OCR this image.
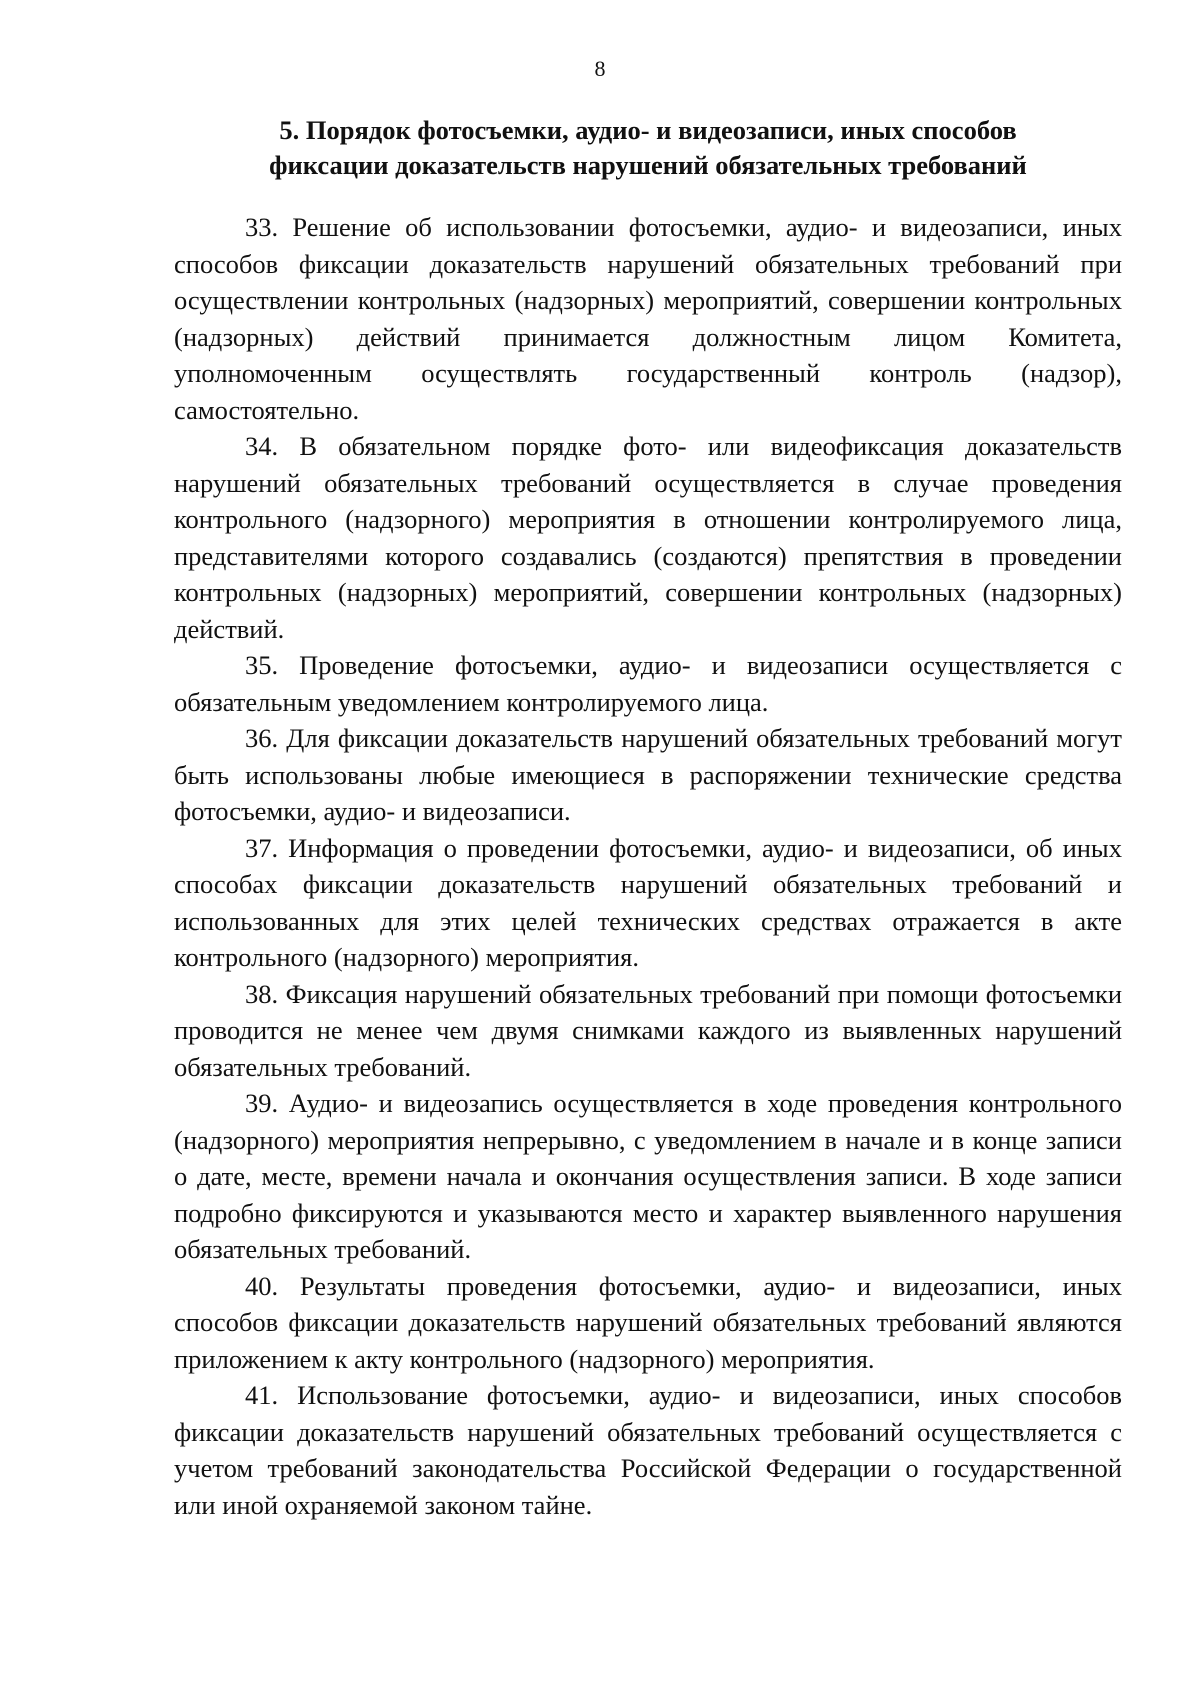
8
5. Порядок фотосъемки, аудио- и видеозаписи, иных способов
фиксации доказательств нарушений обязательных требований

33. Решение об использовании фотосъемки, аудио- и видеозаписи, иных способов фиксации доказательств нарушений обязательных требований при осуществлении контрольных (надзорных) мероприятий, совершении контрольных (надзорных) действий принимается должностным лицом Комитета, уполномоченным осуществлять государственный контроль (надзор), самостоятельно.

34. В обязательном порядке фото- или видеофиксация доказательств нарушений обязательных требований осуществляется в случае проведения контрольного (надзорного) мероприятия в отношении контролируемого лица, представителями которого создавались (создаются) препятствия в проведении контрольных (надзорных) мероприятий, совершении контрольных (надзорных) действий.

35. Проведение фотосъемки, аудио- и видеозаписи осуществляется с обязательным уведомлением контролируемого лица.

36. Для фиксации доказательств нарушений обязательных требований могут быть использованы любые имеющиеся в распоряжении технические средства фотосъемки, аудио- и видеозаписи.

37. Информация о проведении фотосъемки, аудио- и видеозаписи, об иных способах фиксации доказательств нарушений обязательных требований и использованных для этих целей технических средствах отражается в акте контрольного (надзорного) мероприятия.

38. Фиксация нарушений обязательных требований при помощи фотосъемки проводится не менее чем двумя снимками каждого из выявленных нарушений обязательных требований.

39. Аудио- и видеозапись осуществляется в ходе проведения контрольного (надзорного) мероприятия непрерывно, с уведомлением в начале и в конце записи о дате, месте, времени начала и окончания осуществления записи. В ходе записи подробно фиксируются и указываются место и характер выявленного нарушения обязательных требований.

40. Результаты проведения фотосъемки, аудио- и видеозаписи, иных способов фиксации доказательств нарушений обязательных требований являются приложением к акту контрольного (надзорного) мероприятия.

41. Использование фотосъемки, аудио- и видеозаписи, иных способов фиксации доказательств нарушений обязательных требований осуществляется с учетом требований законодательства Российской Федерации о государственной или иной охраняемой законом тайне.
